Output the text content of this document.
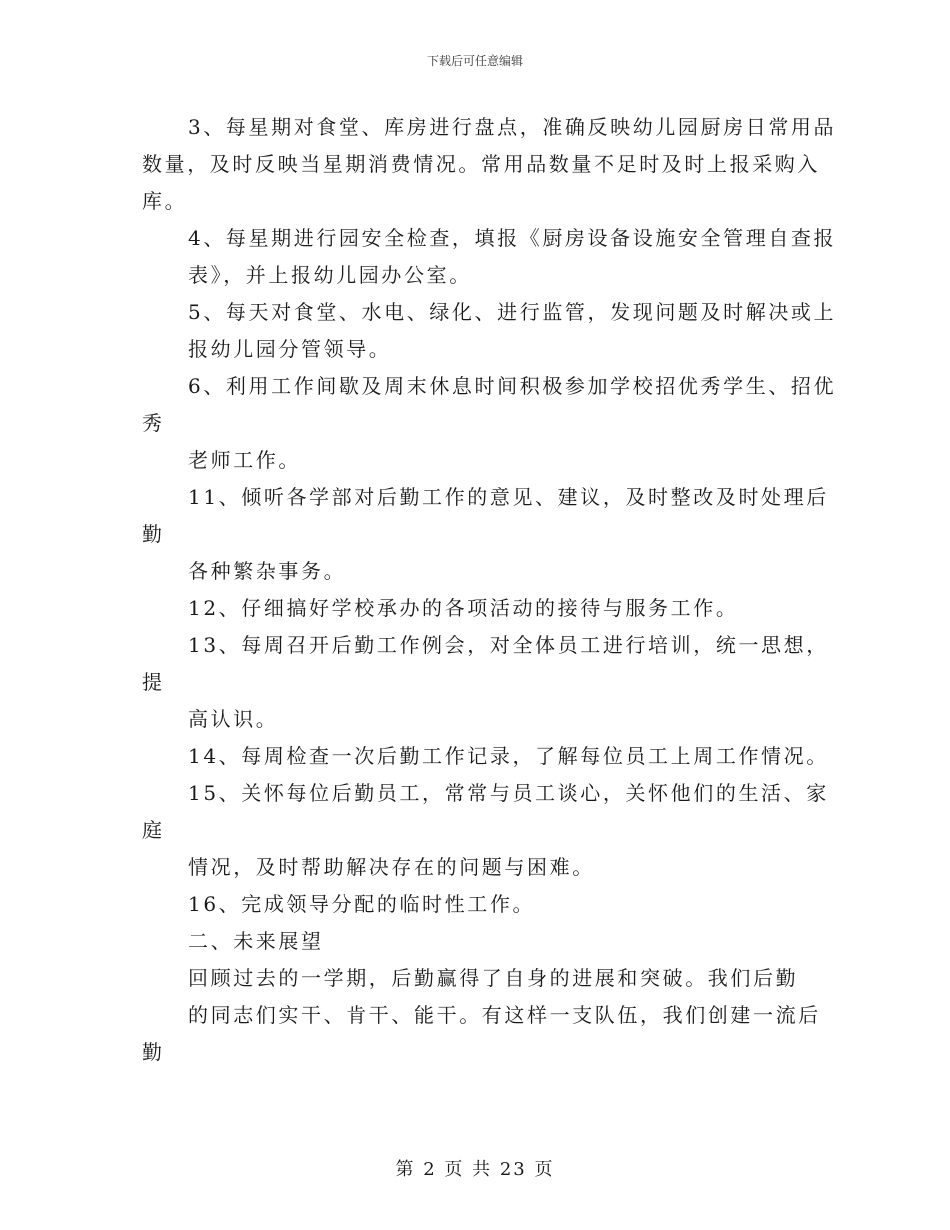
下载后可任意编辑
3、每星期对食堂、库房进行盘点，准确反映幼儿园厨房日常用品
数量，及时反映当星期消费情况。常用品数量不足时及时上报采购入
库。
4、每星期进行园安全检查，填报《厨房设备设施安全管理自查报
表》，并上报幼儿园办公室。
5、每天对食堂、水电、绿化、进行监管，发现问题及时解决或上
报幼儿园分管领导。
6、利用工作间歇及周末休息时间积极参加学校招优秀学生、招优
秀
老师工作。
11、倾听各学部对后勤工作的意见、建议，及时整改及时处理后
勤
各种繁杂事务。
12、仔细搞好学校承办的各项活动的接待与服务工作。
13、每周召开后勤工作例会，对全体员工进行培训，统一思想，
提
高认识。
14、每周检查一次后勤工作记录，了解每位员工上周工作情况。
15、关怀每位后勤员工，常常与员工谈心，关怀他们的生活、家
庭
情况，及时帮助解决存在的问题与困难。
16、完成领导分配的临时性工作。
二、未来展望
回顾过去的一学期，后勤赢得了自身的进展和突破。我们后勤
的同志们实干、肯干、能干。有这样一支队伍，我们创建一流后
勤
第 2 页 共 23 页
